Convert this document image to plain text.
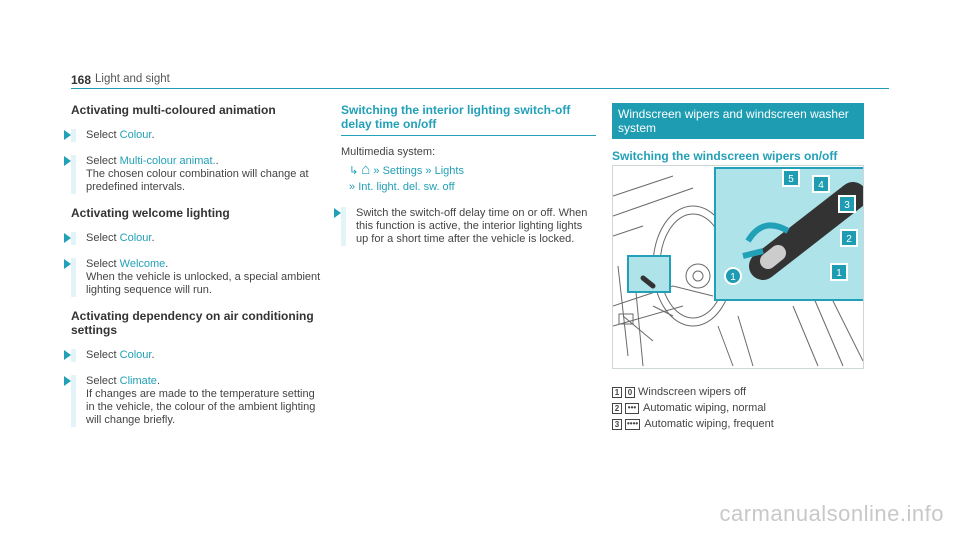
168 Light and sight
Activating multi-coloured animation
Select Colour.
Select Multi-colour animat..
The chosen colour combination will change at predefined intervals.
Activating welcome lighting
Select Colour.
Select Welcome.
When the vehicle is unlocked, a special ambient lighting sequence will run.
Activating dependency on air conditioning settings
Select Colour.
Select Climate.
If changes are made to the temperature setting in the vehicle, the colour of the ambient lighting will change briefly.
Switching the interior lighting switch-off delay time on/off
Multimedia system:
↳ ⌂ » Settings » Lights
» Int. light. del. sw. off
Switch the switch-off delay time on or off. When this function is active, the interior lighting lights up for a short time after the vehicle is locked.
Windscreen wipers and windscreen washer system
Switching the windscreen wipers on/off
1
2
3
4
5
1
1	0 Windscreen wipers off
2	••• Automatic wiping, normal
3 •••• Automatic wiping, frequent
carmanualsonline.info
